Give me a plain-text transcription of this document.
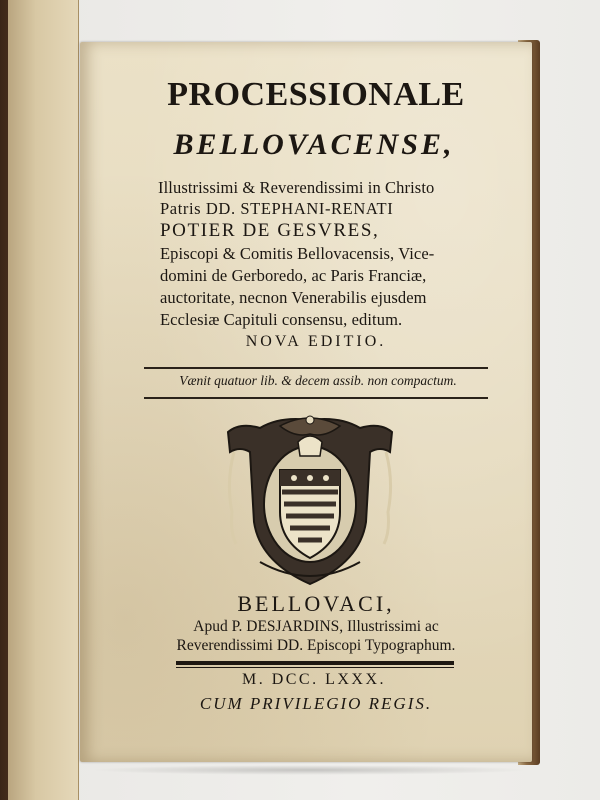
PROCESSIONALE

BELLOVACENSE,

Illustrissimi & Reverendissimi in Christo

Patris DD. STEPHANI-RENATI

POTIER DE GESVRES,

Episcopi & Comitis Bellovacensis, Vice-

domini de Gerboredo, ac Paris Franciæ,

auctoritate, necnon Venerabilis ejusdem

Ecclesiæ Capituli consensu, editum.

NOVA EDITIO.

Vænit quatuor lib. & decem assib. non compactum.

BELLOVACI,

Apud P. DESJARDINS, Illustrissimi ac

Reverendissimi DD. Episcopi Typographum.

M. DCC. LXXX.

CUM PRIVILEGIO REGIS.
